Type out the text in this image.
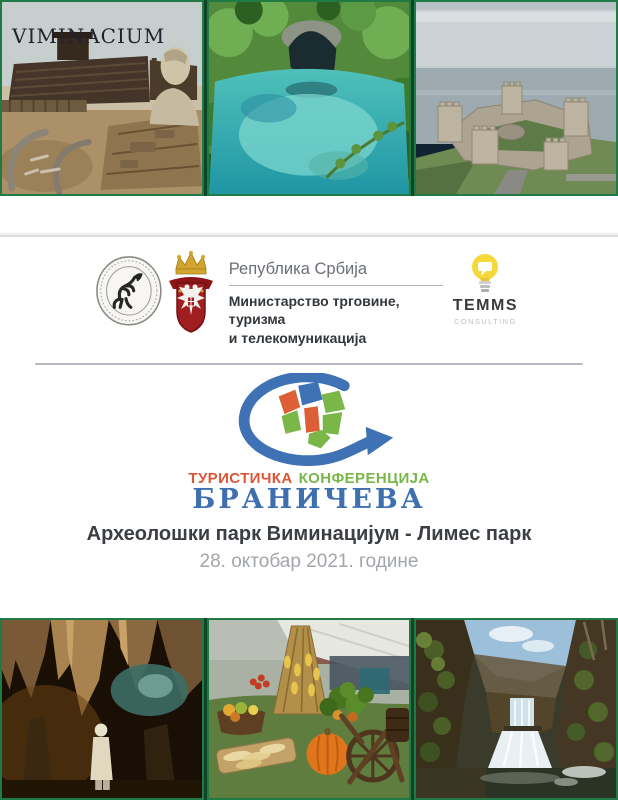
VIMINACIUM
Република Србија
Министарство трговине, туризма
и телекомуникација
TEMMS
CONSULTING
ТУРИСТИЧКА КОНФЕРЕНЦИЈА
БРАНИЧЕВА
Археолошки парк Виминацијум - Лимес парк
28. октобар 2021. године
